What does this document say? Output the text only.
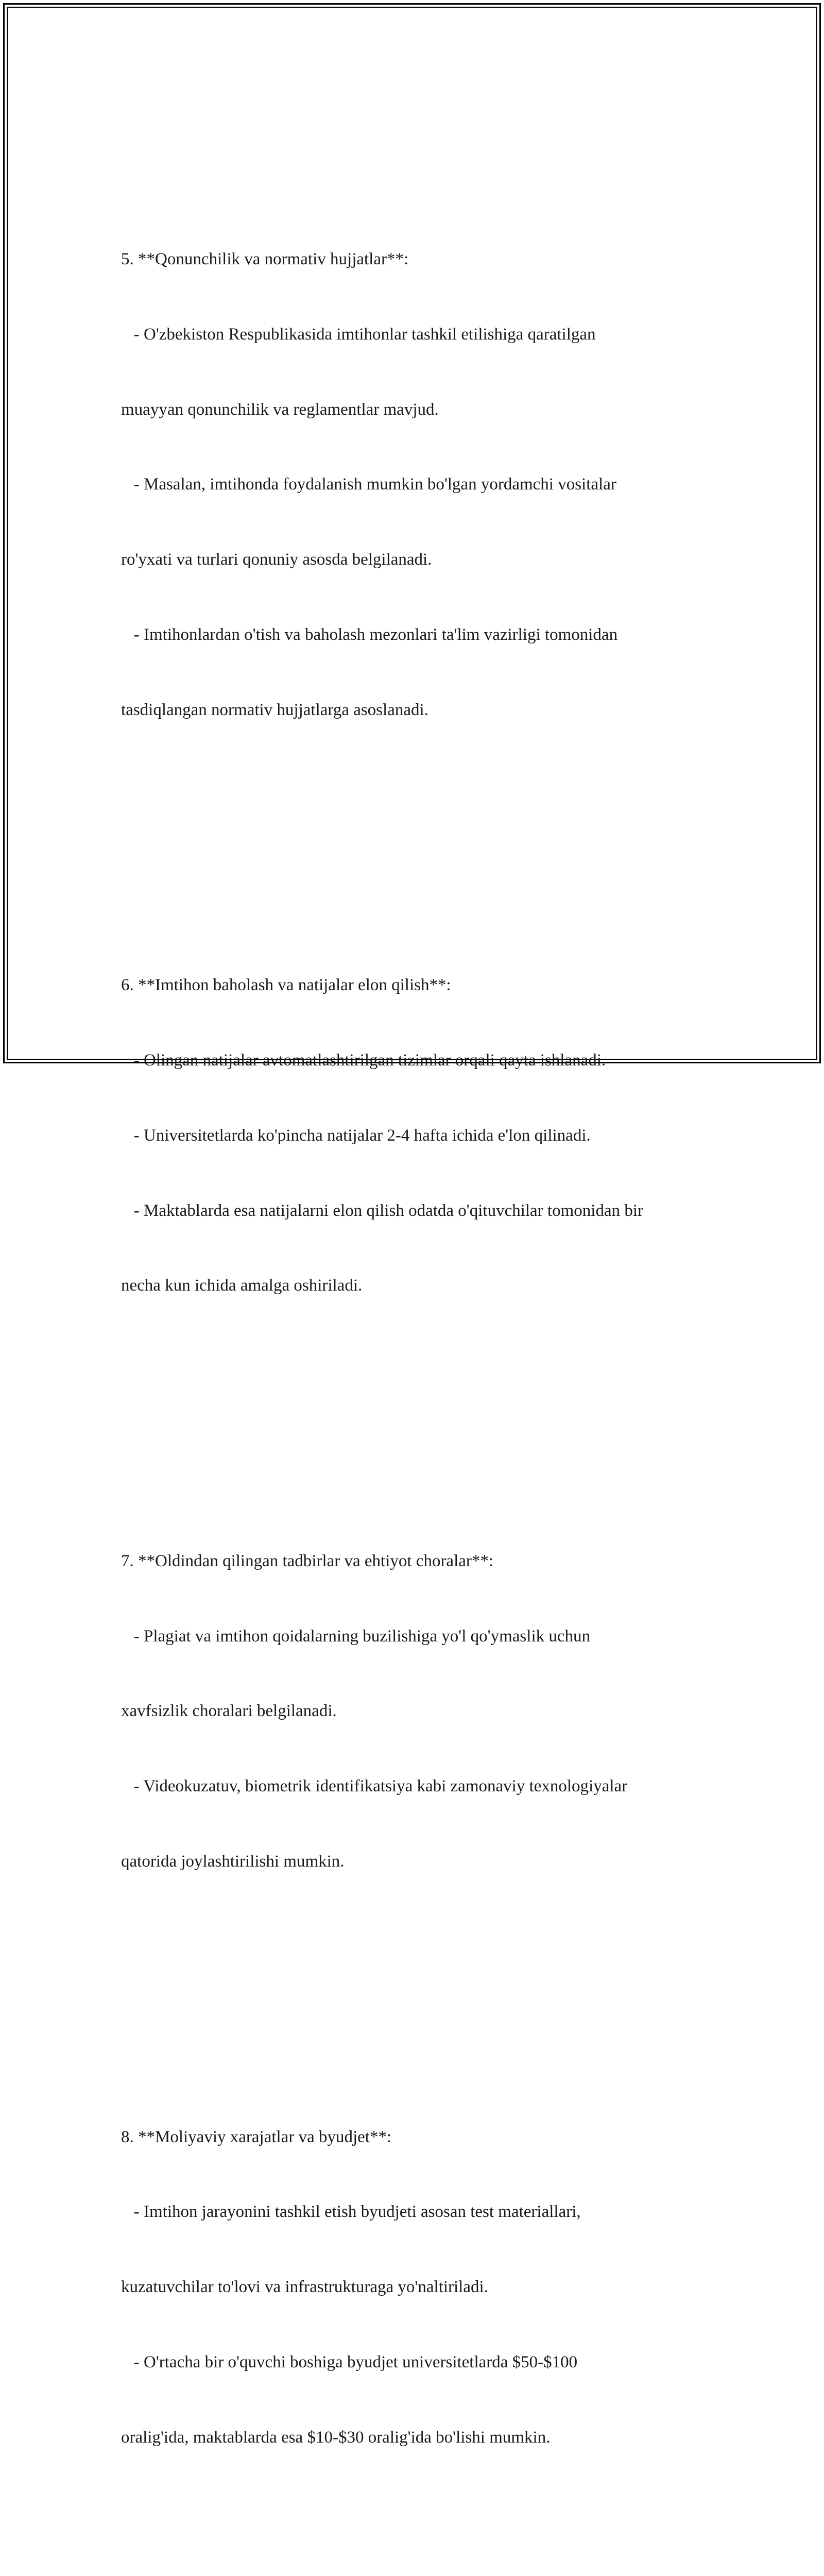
5. **Qonunchilik va normativ hujjatlar**:

- O'zbekiston Respublikasida imtihonlar tashkil etilishiga qaratilgan

muayyan qonunchilik va reglamentlar mavjud.

- Masalan, imtihonda foydalanish mumkin bo'lgan yordamchi vositalar

ro'yxati va turlari qonuniy asosda belgilanadi.

- Imtihonlardan o'tish va baholash mezonlari ta'lim vazirligi tomonidan

tasdiqlangan normativ hujjatlarga asoslanadi.

6. **Imtihon baholash va natijalar elon qilish**:

- Olingan natijalar avtomatlashtirilgan tizimlar orqali qayta ishlanadi.

- Universitetlarda ko'pincha natijalar 2-4 hafta ichida e'lon qilinadi.

- Maktablarda esa natijalarni elon qilish odatda o'qituvchilar tomonidan bir

necha kun ichida amalga oshiriladi.

7. **Oldindan qilingan tadbirlar va ehtiyot choralar**:

- Plagiat va imtihon qoidalarning buzilishiga yo'l qo'ymaslik uchun

xavfsizlik choralari belgilanadi.

- Videokuzatuv, biometrik identifikatsiya kabi zamonaviy texnologiyalar

qatorida joylashtirilishi mumkin.

8. **Moliyaviy xarajatlar va byudjet**:

- Imtihon jarayonini tashkil etish byudjeti asosan test materiallari,

kuzatuvchilar to'lovi va infrastrukturaga yo'naltiriladi.

- O'rtacha bir o'quvchi boshiga byudjet universitetlarda $50-$100

oralig'ida, maktablarda esa $10-$30 oralig'ida bo'lishi mumkin.
